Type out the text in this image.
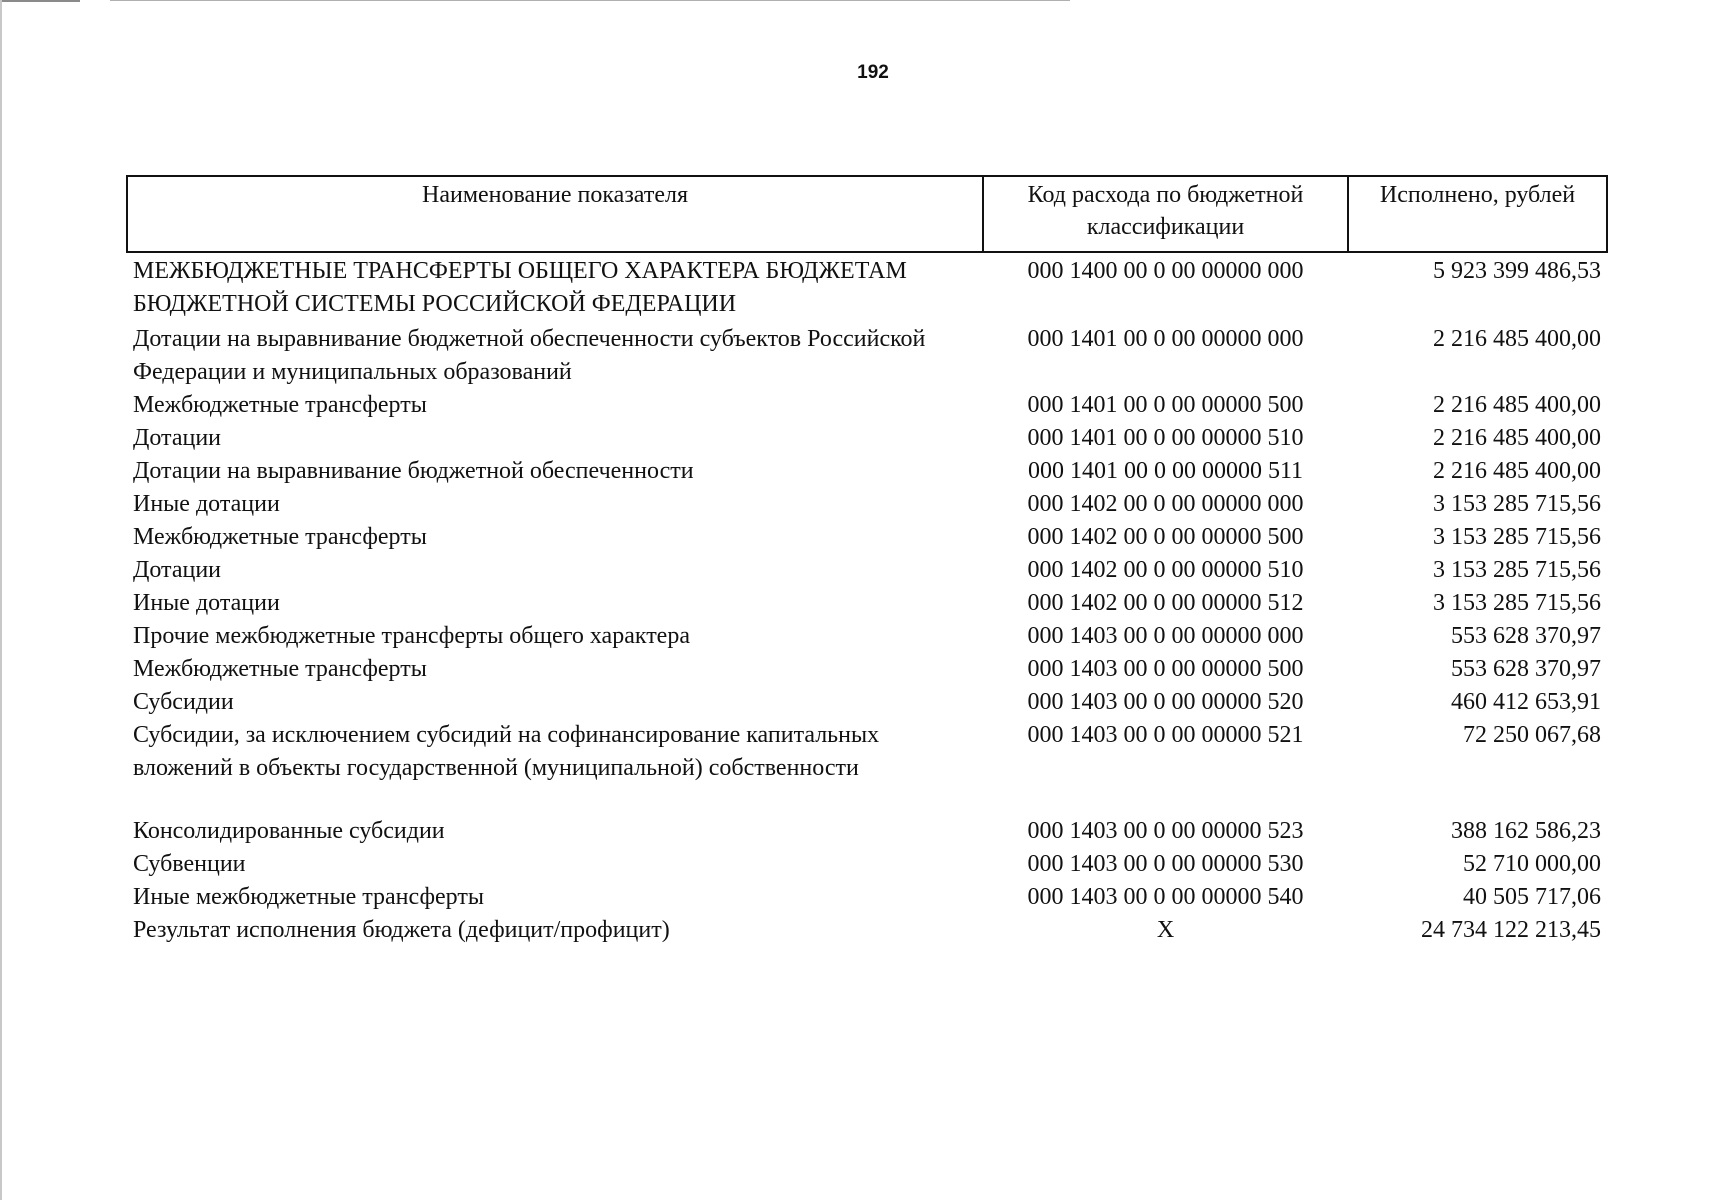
192
Наименование показателя	Код расхода по бюджетной классификации	Исполнено, рублей
МЕЖБЮДЖЕТНЫЕ ТРАНСФЕРТЫ ОБЩЕГО ХАРАКТЕРА БЮДЖЕТАМ БЮДЖЕТНОЙ СИСТЕМЫ РОССИЙСКОЙ ФЕДЕРАЦИИ	000 1400 00 0 00 00000 000	5 923 399 486,53
Дотации на выравнивание бюджетной обеспеченности субъектов Российской Федерации и муниципальных образований	000 1401 00 0 00 00000 000	2 216 485 400,00
Межбюджетные трансферты	000 1401 00 0 00 00000 500	2 216 485 400,00
Дотации	000 1401 00 0 00 00000 510	2 216 485 400,00
Дотации на выравнивание бюджетной обеспеченности	000 1401 00 0 00 00000 511	2 216 485 400,00
Иные дотации	000 1402 00 0 00 00000 000	3 153 285 715,56
Межбюджетные трансферты	000 1402 00 0 00 00000 500	3 153 285 715,56
Дотации	000 1402 00 0 00 00000 510	3 153 285 715,56
Иные дотации	000 1402 00 0 00 00000 512	3 153 285 715,56
Прочие межбюджетные трансферты общего характера	000 1403 00 0 00 00000 000	553 628 370,97
Межбюджетные трансферты	000 1403 00 0 00 00000 500	553 628 370,97
Субсидии	000 1403 00 0 00 00000 520	460 412 653,91
Субсидии, за исключением субсидий на софинансирование капитальных вложений в объекты государственной (муниципальной) собственности	000 1403 00 0 00 00000 521	72 250 067,68
Консолидированные субсидии	000 1403 00 0 00 00000 523	388 162 586,23
Субвенции	000 1403 00 0 00 00000 530	52 710 000,00
Иные межбюджетные трансферты	000 1403 00 0 00 00000 540	40 505 717,06
Результат исполнения бюджета (дефицит/профицит)	X	24 734 122 213,45
